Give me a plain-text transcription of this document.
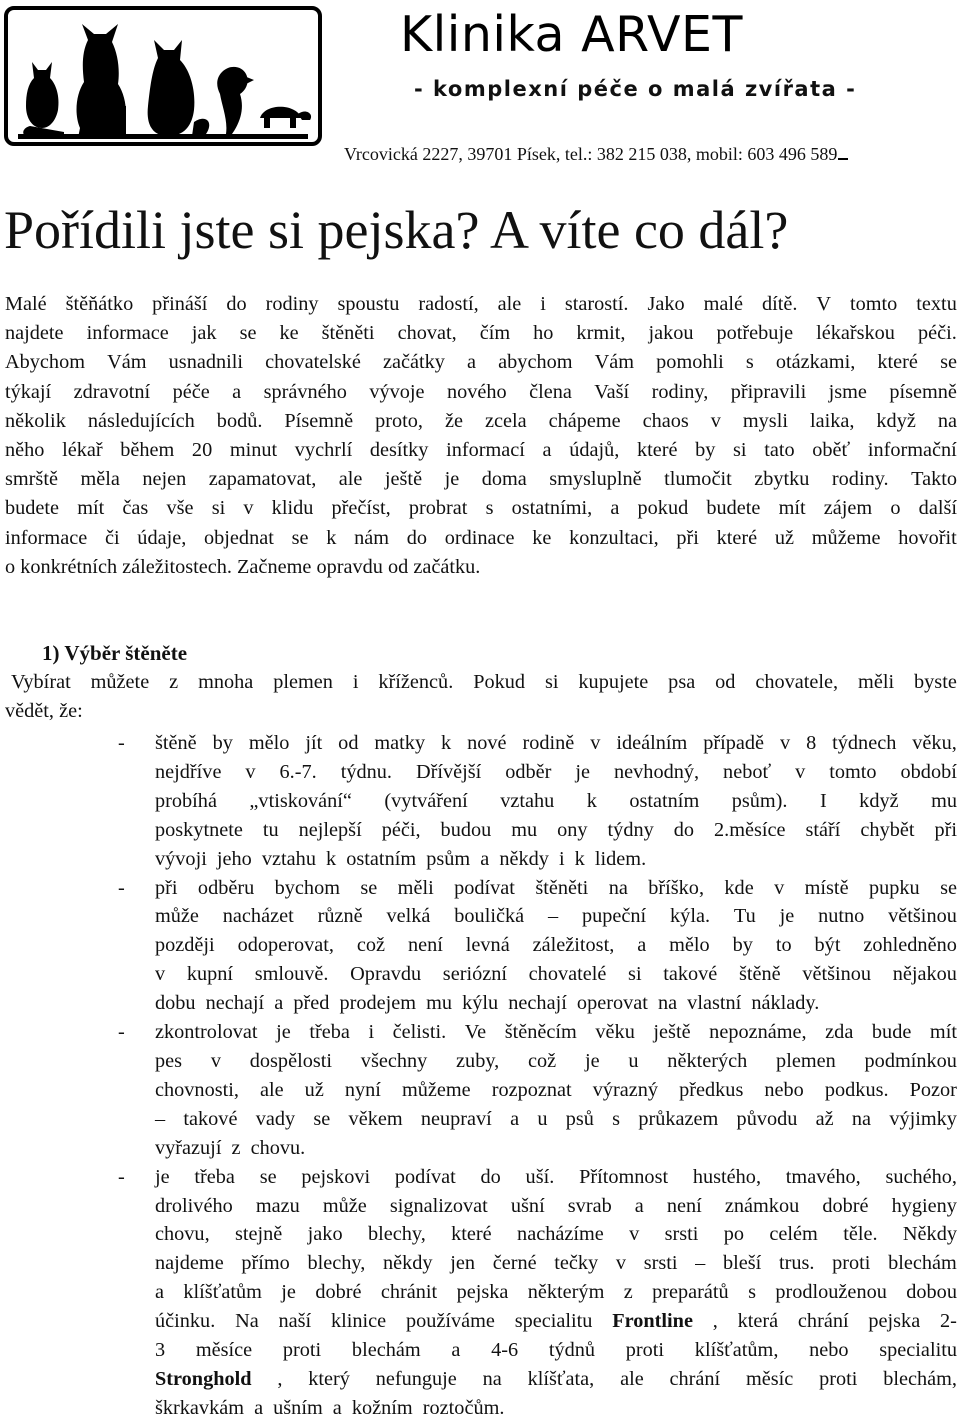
Klinika ARVET
- komplexní péče o malá zvířata -
Vrcovická 2227, 39701 Písek, tel.: 382 215 038, mobil: 603 496 589
Pořídili jste si pejska? A víte co dál?
Malé štěňátko přináší do rodiny spoustu radostí, ale i starostí. Jako malé dítě. V tomto textu
najdete informace jak se ke štěněti chovat, čím ho krmit, jakou potřebuje lékařskou péči.
Abychom Vám usnadnili chovatelské začátky a abychom Vám pomohli s otázkami, které se
týkají zdravotní péče a správného vývoje nového člena Vaší rodiny, připravili jsme písemně
několik následujících bodů. Písemně proto, že zcela chápeme chaos v mysli laika, když na
něho lékař během 20 minut vychrlí desítky informací a údajů, které by si tato oběť informační
smrště měla nejen zapamatovat, ale ještě je doma smysluplně tlumočit zbytku rodiny. Takto
budete mít čas vše si v klidu přečíst, probrat s ostatními, a pokud budete mít zájem o další
informace či údaje, objednat se k nám do ordinace ke konzultaci, při které už můžeme hovořit
o konkrétních záležitostech. Začneme opravdu od začátku.
1) Výběr štěněte
Vybírat můžete z mnoha plemen i kříženců. Pokud si kupujete psa od chovatele, měli byste
vědět, že:
- štěně by mělo jít od matky k nové rodině v ideálním případě v 8 týdnech věku,
nejdříve v 6.-7. týdnu. Dřívější odběr je nevhodný, neboť v tomto období
probíhá „vtiskování“ (vytváření vztahu k ostatním psům). I když mu
poskytnete tu nejlepší péči, budou mu ony týdny do 2.měsíce stáří chybět při
vývoji jeho vztahu k ostatním psům a někdy i k lidem.
- při odběru bychom se měli podívat štěněti na bříško, kde v místě pupku se
může nacházet různě velká bouličká – pupeční kýla. Tu je nutno většinou
později odoperovat, což není levná záležitost, a mělo by to být zohledněno
v kupní smlouvě. Opravdu seriózní chovatelé si takové štěně většinou nějakou
dobu nechají a před prodejem mu kýlu nechají operovat na vlastní náklady.
- zkontrolovat je třeba i čelisti. Ve štěněcím věku ještě nepoznáme, zda bude mít
pes v dospělosti všechny zuby, což je u některých plemen podmínkou
chovnosti, ale už nyní můžeme rozpoznat výrazný předkus nebo podkus. Pozor
– takové vady se věkem neupraví a u psů s průkazem původu až na výjimky
vyřazují z chovu.
- je třeba se pejskovi podívat do uší. Přítomnost hustého, tmavého, suchého,
drolivého mazu může signalizovat ušní svrab a není známkou dobré hygieny
chovu, stejně jako blechy, které nacházíme v srsti po celém těle. Někdy
najdeme přímo blechy, někdy jen černé tečky v srsti – bleší trus. proti blechám
a klíšťatům je dobré chránit pejska některým z preparátů s prodlouženou dobou
účinku. Na naší klinice používáme specialitu Frontline , která chrání pejska 2-
3 měsíce proti blechám a 4-6 týdnů proti klíšťatům, nebo specialitu
Stronghold , který nefunguje na klíšťata, ale chrání měsíc proti blechám,
škrkavkám a ušním a kožním roztočům.
